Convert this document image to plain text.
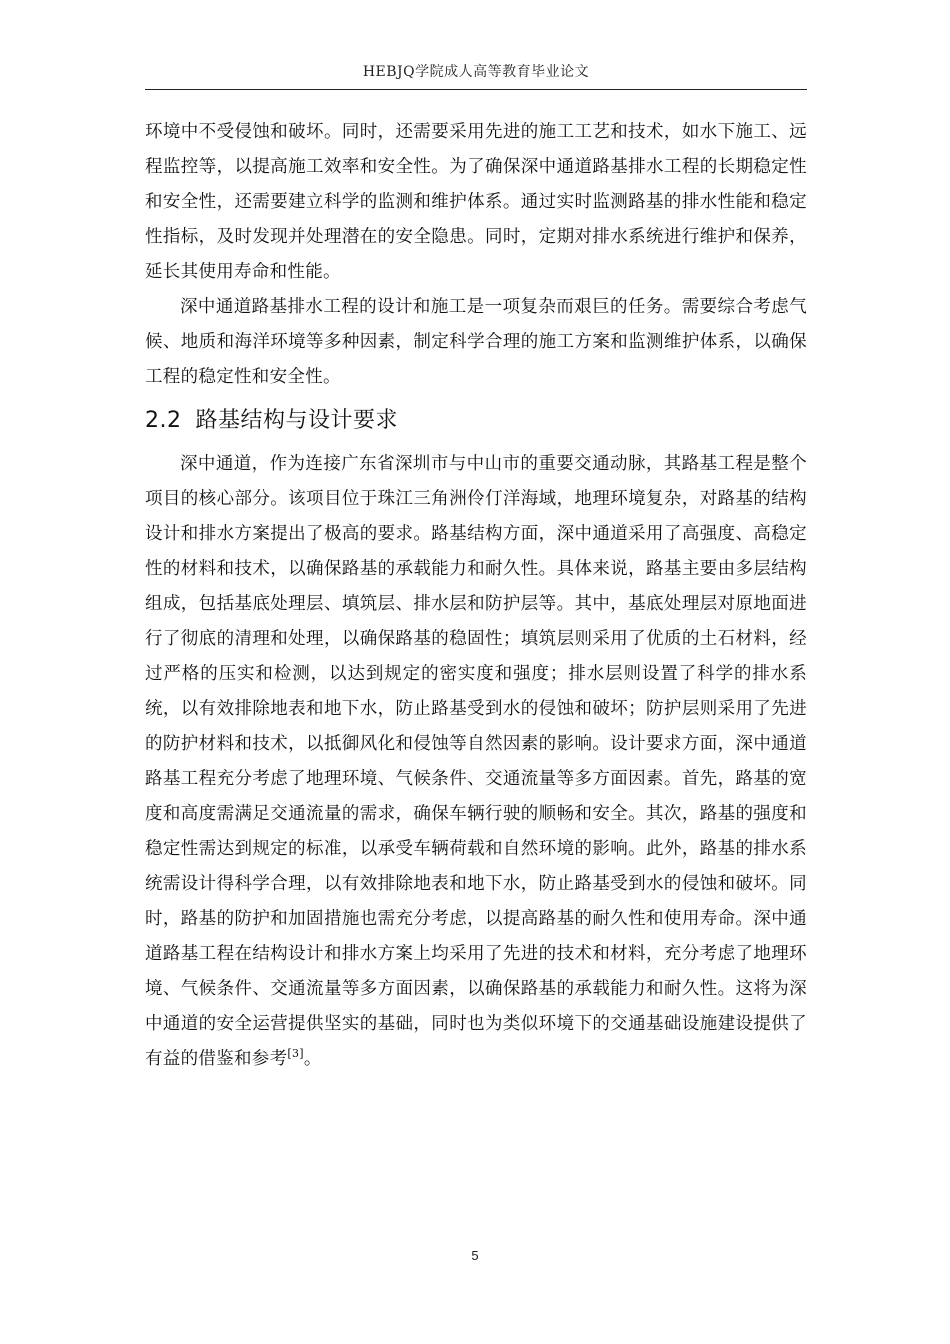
HEBJQ学院成人高等教育毕业论文

环境中不受侵蚀和破坏。同时，还需要采用先进的施工工艺和技术，如水下施工、远程监控等，以提高施工效率和安全性。为了确保深中通道路基排水工程的长期稳定性和安全性，还需要建立科学的监测和维护体系。通过实时监测路基的排水性能和稳定性指标，及时发现并处理潜在的安全隐患。同时，定期对排水系统进行维护和保养，延长其使用寿命和性能。

深中通道路基排水工程的设计和施工是一项复杂而艰巨的任务。需要综合考虑气候、地质和海洋环境等多种因素，制定科学合理的施工方案和监测维护体系，以确保工程的稳定性和安全性。

2.2 路基结构与设计要求

深中通道，作为连接广东省深圳市与中山市的重要交通动脉，其路基工程是整个项目的核心部分。该项目位于珠江三角洲伶仃洋海域，地理环境复杂，对路基的结构设计和排水方案提出了极高的要求。路基结构方面，深中通道采用了高强度、高稳定性的材料和技术，以确保路基的承载能力和耐久性。具体来说，路基主要由多层结构组成，包括基底处理层、填筑层、排水层和防护层等。其中，基底处理层对原地面进行了彻底的清理和处理，以确保路基的稳固性；填筑层则采用了优质的土石材料，经过严格的压实和检测，以达到规定的密实度和强度；排水层则设置了科学的排水系统，以有效排除地表和地下水，防止路基受到水的侵蚀和破坏；防护层则采用了先进的防护材料和技术，以抵御风化和侵蚀等自然因素的影响。设计要求方面，深中通道路基工程充分考虑了地理环境、气候条件、交通流量等多方面因素。首先，路基的宽度和高度需满足交通流量的需求，确保车辆行驶的顺畅和安全。其次，路基的强度和稳定性需达到规定的标准，以承受车辆荷载和自然环境的影响。此外，路基的排水系统需设计得科学合理，以有效排除地表和地下水，防止路基受到水的侵蚀和破坏。同时，路基的防护和加固措施也需充分考虑，以提高路基的耐久性和使用寿命。深中通道路基工程在结构设计和排水方案上均采用了先进的技术和材料，充分考虑了地理环境、气候条件、交通流量等多方面因素，以确保路基的承载能力和耐久性。这将为深中通道的安全运营提供坚实的基础，同时也为类似环境下的交通基础设施建设提供了有益的借鉴和参考[3]。

5
